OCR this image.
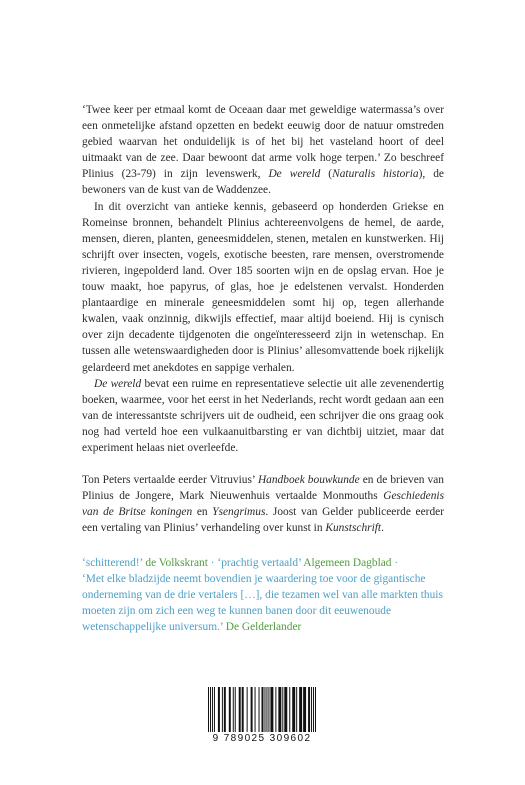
‘Twee keer per etmaal komt de Oceaan daar met geweldige watermassa’s over een onmetelijke afstand opzetten en bedekt eeuwig door de natuur omstreden gebied waarvan het onduidelijk is of het bij het vasteland hoort of deel uitmaakt van de zee. Daar bewoont dat arme volk hoge terpen.’ Zo beschreef Plinius (23-79) in zijn levenswerk, De wereld (Naturalis historia), de bewoners van de kust van de Waddenzee.

In dit overzicht van antieke kennis, gebaseerd op honderden Griekse en Romeinse bronnen, behandelt Plinius achtereenvolgens de hemel, de aarde, mensen, dieren, planten, geneesmiddelen, stenen, metalen en kunstwerken. Hij schrijft over insecten, vogels, exotische beesten, rare mensen, overstromende rivieren, ingepolderd land. Over 185 soorten wijn en de opslag ervan. Hoe je touw maakt, hoe papyrus, of glas, hoe je edelstenen vervalst. Honderden plantaardige en minerale geneesmiddelen somt hij op, tegen allerhande kwalen, vaak onzinnig, dikwijls effectief, maar altijd boeiend. Hij is cynisch over zijn decadente tijdgenoten die ongeïnteresseerd zijn in wetenschap. En tussen alle wetenswaardigheden door is Plinius’ allesomvattende boek rijkelijk gelardeerd met anekdotes en sappige verhalen.

De wereld bevat een ruime en representatieve selectie uit alle zevenendertig boeken, waarmee, voor het eerst in het Nederlands, recht wordt gedaan aan een van de interessantste schrijvers uit de oudheid, een schrijver die ons graag ook nog had verteld hoe een vulkaanuitbarsting er van dichtbij uitziet, maar dat experiment helaas niet overleefde.

Ton Peters vertaalde eerder Vitruvius’ Handboek bouwkunde en de brieven van Plinius de Jongere, Mark Nieuwenhuis vertaalde Monmouths Geschiedenis van de Britse koningen en Ysengrimus. Joost van Gelder publiceerde eerder een vertaling van Plinius’ verhandeling over kunst in Kunstschrift.

‘schitterend!’ de Volkskrant · ‘prachtig vertaald’ Algemeen Dagblad ·

‘Met elke bladzijde neemt bovendien je waardering toe voor de gigantische onderneming van de drie vertalers […], die tezamen wel van alle markten thuis moeten zijn om zich een weg te kunnen banen door dit eeuwenoude wetenschappelijke universum.’ De Gelderlander

9 789025 309602
